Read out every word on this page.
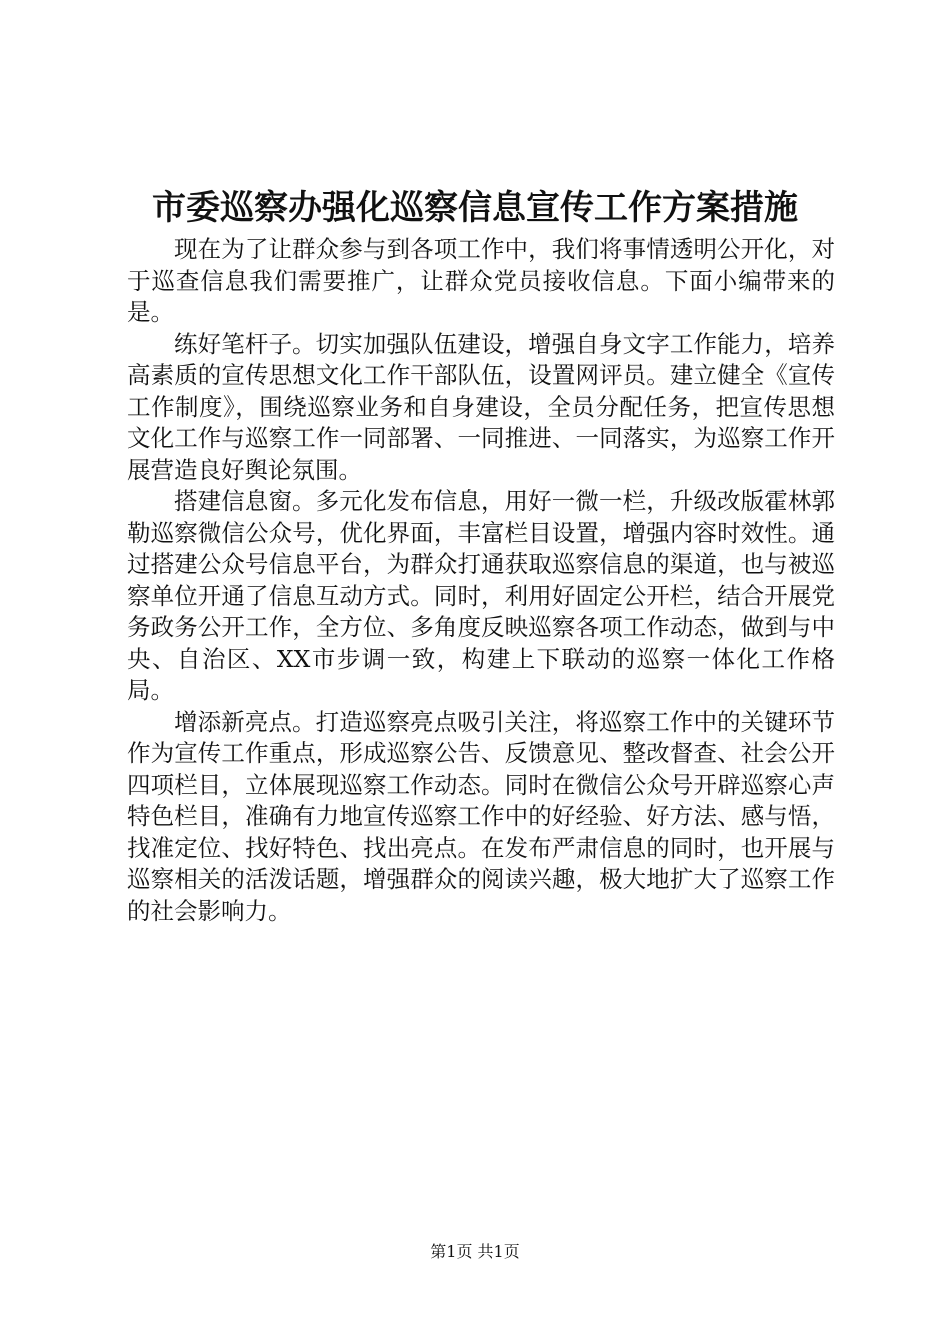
市委巡察办强化巡察信息宣传工作方案措施

现在为了让群众参与到各项工作中，我们将事情透明公开化，对于巡查信息我们需要推广，让群众党员接收信息。下面小编带来的是。

练好笔杆子。切实加强队伍建设，增强自身文字工作能力，培养高素质的宣传思想文化工作干部队伍，设置网评员。建立健全《宣传工作制度》，围绕巡察业务和自身建设，全员分配任务，把宣传思想文化工作与巡察工作一同部署、一同推进、一同落实，为巡察工作开展营造良好舆论氛围。

搭建信息窗。多元化发布信息，用好一微一栏，升级改版霍林郭勒巡察微信公众号，优化界面，丰富栏目设置，增强内容时效性。通过搭建公众号信息平台，为群众打通获取巡察信息的渠道，也与被巡察单位开通了信息互动方式。同时，利用好固定公开栏，结合开展党务政务公开工作，全方位、多角度反映巡察各项工作动态，做到与中央、自治区、XX市步调一致，构建上下联动的巡察一体化工作格局。

增添新亮点。打造巡察亮点吸引关注，将巡察工作中的关键环节作为宣传工作重点，形成巡察公告、反馈意见、整改督查、社会公开四项栏目，立体展现巡察工作动态。同时在微信公众号开辟巡察心声特色栏目，准确有力地宣传巡察工作中的好经验、好方法、感与悟，找准定位、找好特色、找出亮点。在发布严肃信息的同时，也开展与巡察相关的活泼话题，增强群众的阅读兴趣，极大地扩大了巡察工作的社会影响力。

第1页 共1页
